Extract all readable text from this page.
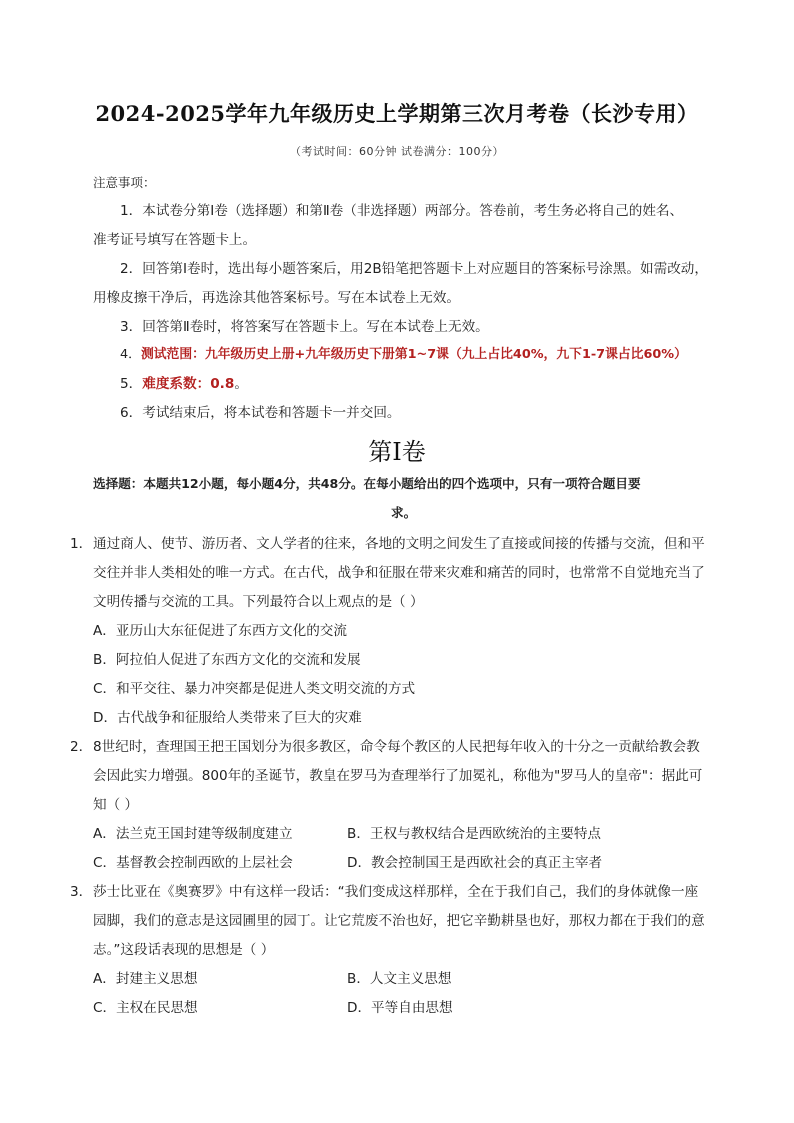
2024-2025学年九年级历史上学期第三次月考卷（长沙专用）
（考试时间：60分钟 试卷满分：100分）
注意事项：
1．本试卷分第Ⅰ卷（选择题）和第Ⅱ卷（非选择题）两部分。答卷前，考生务必将自己的姓名、
准考证号填写在答题卡上。
2．回答第Ⅰ卷时，选出每小题答案后，用2B铅笔把答题卡上对应题目的答案标号涂黑。如需改动，
用橡皮擦干净后，再选涂其他答案标号。写在本试卷上无效。
3．回答第Ⅱ卷时，将答案写在答题卡上。写在本试卷上无效。
4．测试范围：九年级历史上册+九年级历史下册第1~7课（九上占比40%，九下1-7课占比60%）
5．难度系数：0.8。
6．考试结束后，将本试卷和答题卡一并交回。
第Ⅰ卷
选择题：本题共12小题，每小题4分，共48分。在每小题给出的四个选项中，只有一项符合题目要
求。
1． 通过商人、使节、游历者、文人学者的往来，各地的文明之间发生了直接或间接的传播与交流，但和平
交往并非人类相处的唯一方式。在古代，战争和征服在带来灾难和痛苦的同时，也常常不自觉地充当了
文明传播与交流的工具。下列最符合以上观点的是（ ）
A．亚历山大东征促进了东西方文化的交流
B．阿拉伯人促进了东西方文化的交流和发展
C．和平交往、暴力冲突都是促进人类文明交流的方式
D．古代战争和征服给人类带来了巨大的灾难
2． 8世纪时，查理国王把王国划分为很多教区，命令每个教区的人民把每年收入的十分之一贡献给教会教
会因此实力增强。800年的圣诞节，教皇在罗马为查理举行了加冕礼，称他为"罗马人的皇帝"：据此可
知（ ）
A．法兰克王国封建等级制度建立	B．王权与教权结合是西欧统治的主要特点
C．基督教会控制西欧的上层社会	D．教会控制国王是西欧社会的真正主宰者
3． 莎士比亚在《奥赛罗》中有这样一段话：“我们变成这样那样，全在于我们自己，我们的身体就像一座
园脚，我们的意志是这园圃里的园丁。让它荒废不治也好，把它辛勤耕垦也好，那权力都在于我们的意
志。”这段话表现的思想是（ ）
A．封建主义思想	B．人文主义思想
C．主权在民思想	D．平等自由思想
